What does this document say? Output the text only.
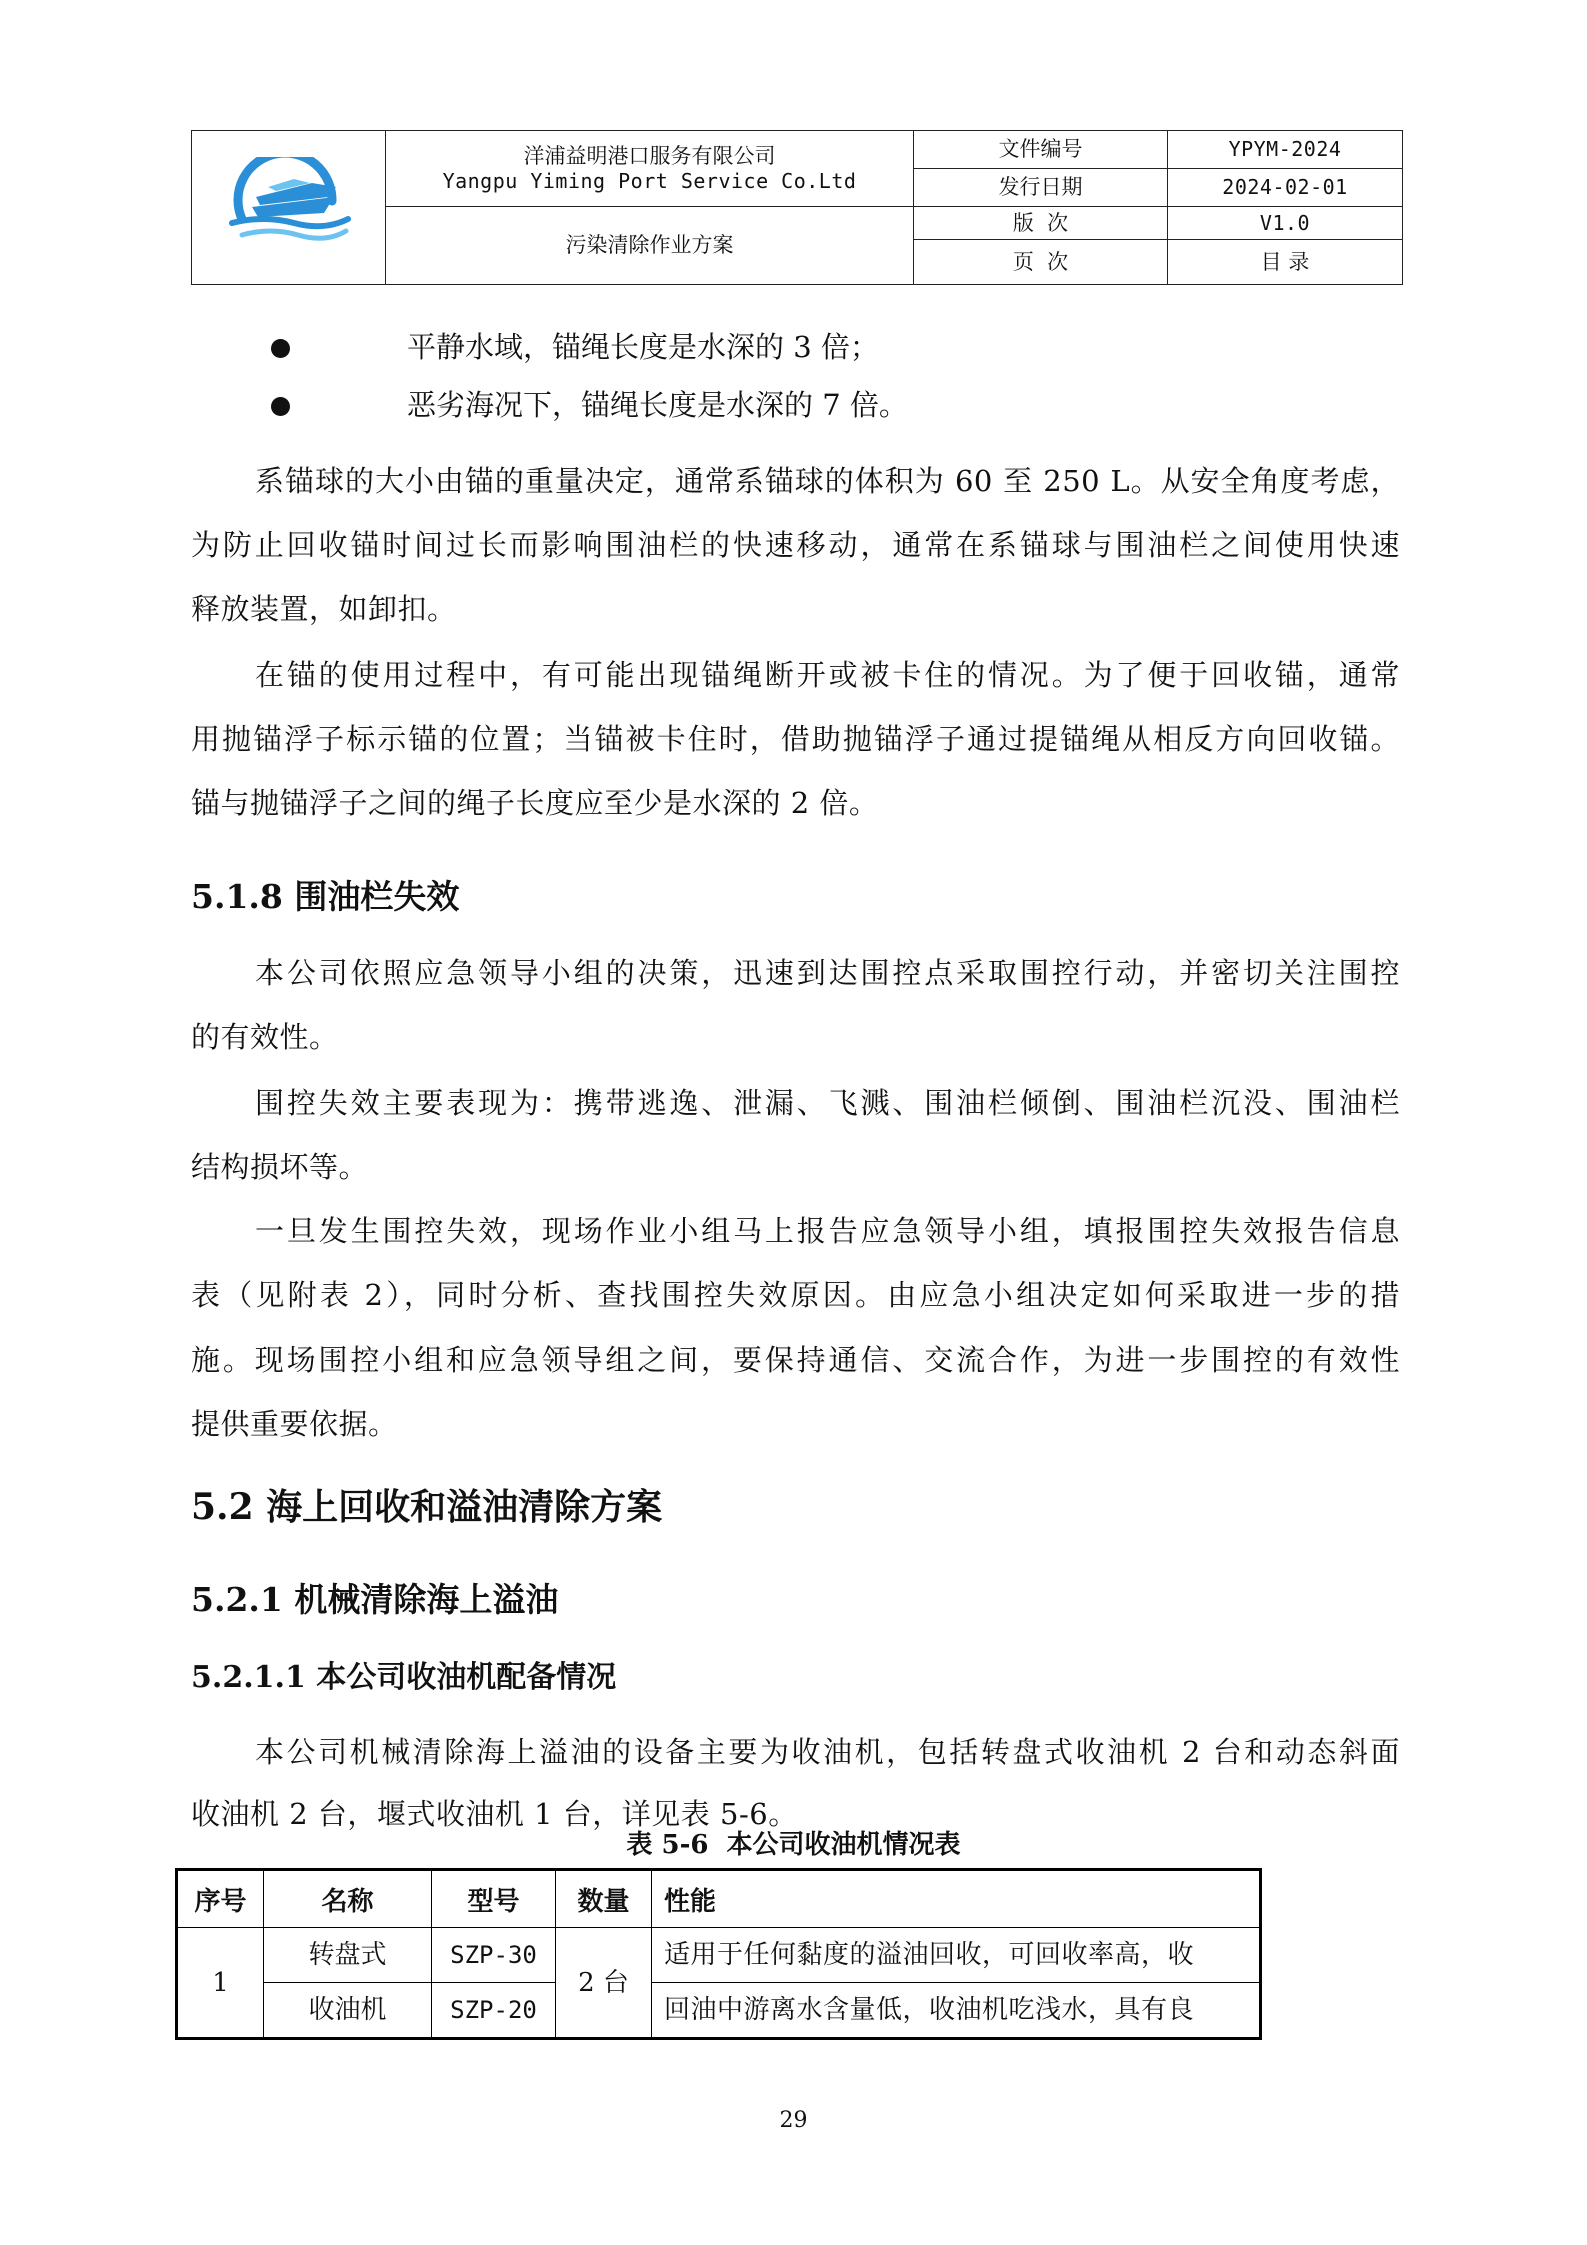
洋浦益明港口服务有限公司
Yangpu Yiming Port Service Co.Ltd	文件编号	YPYM-2024
		发行日期	2024-02-01
	污染清除作业方案	版  次	V1.0
		页  次	目 录
平静水域，锚绳长度是水深的 3 倍；
恶劣海况下，锚绳长度是水深的 7 倍。
系锚球的大小由锚的重量决定，通常系锚球的体积为 60 至 250 L。从安全角度考虑，
为防止回收锚时间过长而影响围油栏的快速移动，通常在系锚球与围油栏之间使用快速
释放装置，如卸扣。
在锚的使用过程中，有可能出现锚绳断开或被卡住的情况。为了便于回收锚，通常
用抛锚浮子标示锚的位置；当锚被卡住时，借助抛锚浮子通过提锚绳从相反方向回收锚。
锚与抛锚浮子之间的绳子长度应至少是水深的 2 倍。
5.1.8 围油栏失效
本公司依照应急领导小组的决策，迅速到达围控点采取围控行动，并密切关注围控
的有效性。
围控失效主要表现为：携带逃逸、泄漏、飞溅、围油栏倾倒、围油栏沉没、围油栏
结构损坏等。
一旦发生围控失效，现场作业小组马上报告应急领导小组，填报围控失效报告信息
表（见附表 2），同时分析、查找围控失效原因。由应急小组决定如何采取进一步的措
施。现场围控小组和应急领导组之间，要保持通信、交流合作，为进一步围控的有效性
提供重要依据。
5.2 海上回收和溢油清除方案
5.2.1 机械清除海上溢油
5.2.1.1 本公司收油机配备情况
本公司机械清除海上溢油的设备主要为收油机，包括转盘式收油机 2 台和动态斜面
收油机 2 台，堰式收油机 1 台，详见表 5-6。
表 5-6  本公司收油机情况表
序号	名称	型号	数量	性能
1	转盘式	SZP-30	2 台	适用于任何黏度的溢油回收，可回收率高，收
	收油机	SZP-20		回油中游离水含量低，收油机吃浅水，具有良
29
